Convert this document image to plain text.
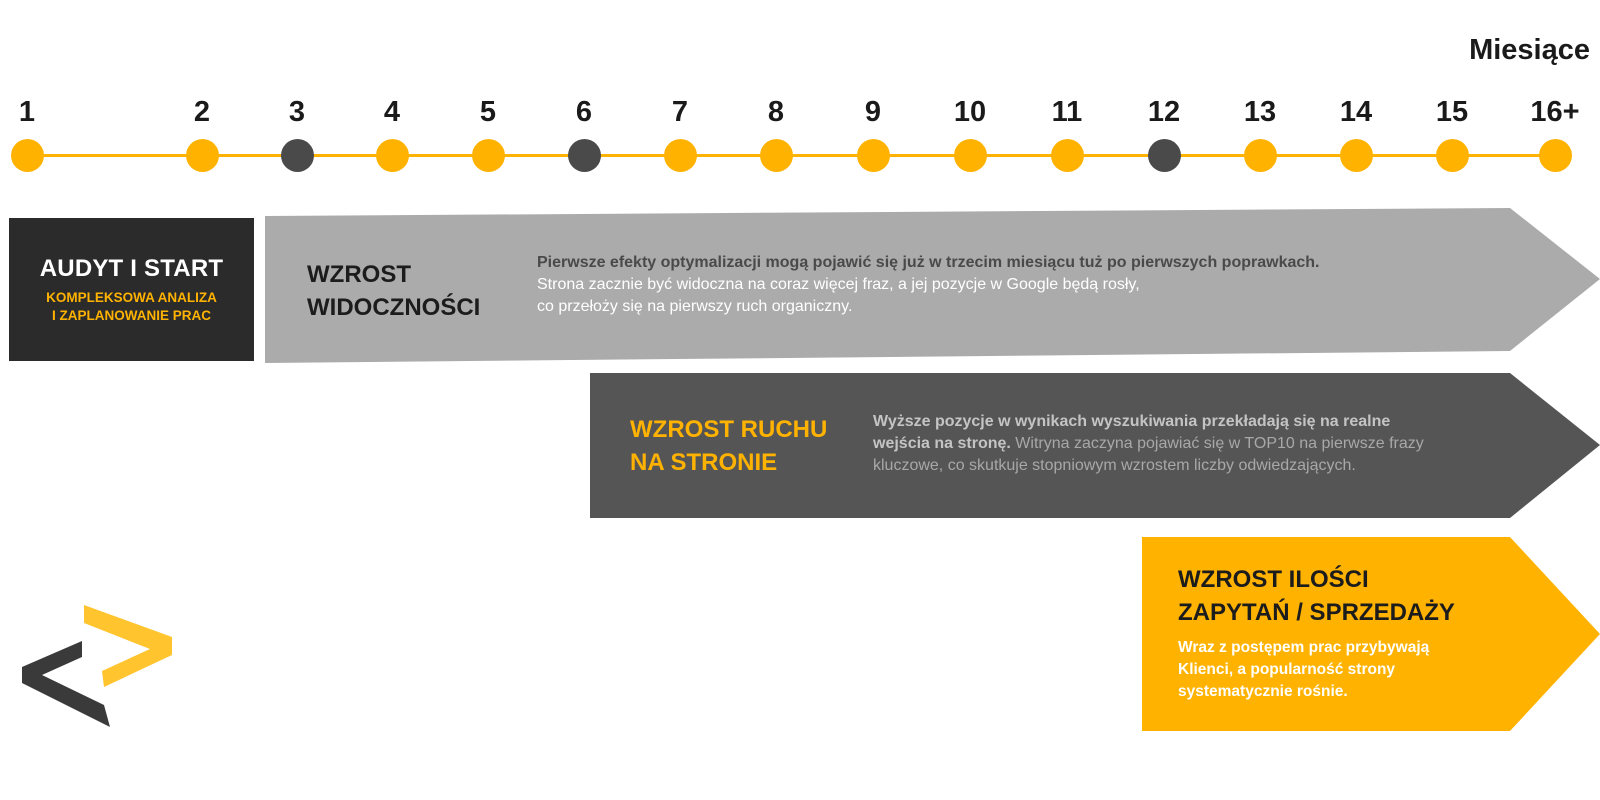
Miesiące
1	2	3	4	5	6	7	8	9	10	11	12	13	14	15	16+
AUDYT I START
KOMPLEKSOWA ANALIZA
I ZAPLANOWANIE PRAC
WZROST
WIDOCZNOŚCI
Pierwsze efekty optymalizacji mogą pojawić się już w trzecim miesiącu tuż po pierwszych poprawkach.
Strona zacznie być widoczna na coraz więcej fraz, a jej pozycje w Google będą rosły,
co przełoży się na pierwszy ruch organiczny.
WZROST RUCHU
NA STRONIE
Wyższe pozycje w wynikach wyszukiwania przekładają się na realne
wejścia na stronę. Witryna zaczyna pojawiać się w TOP10 na pierwsze frazy
kluczowe, co skutkuje stopniowym wzrostem liczby odwiedzających.
WZROST ILOŚCI
ZAPYTAŃ / SPRZEDAŻY
Wraz z postępem prac przybywają
Klienci, a popularność strony
systematycznie rośnie.
